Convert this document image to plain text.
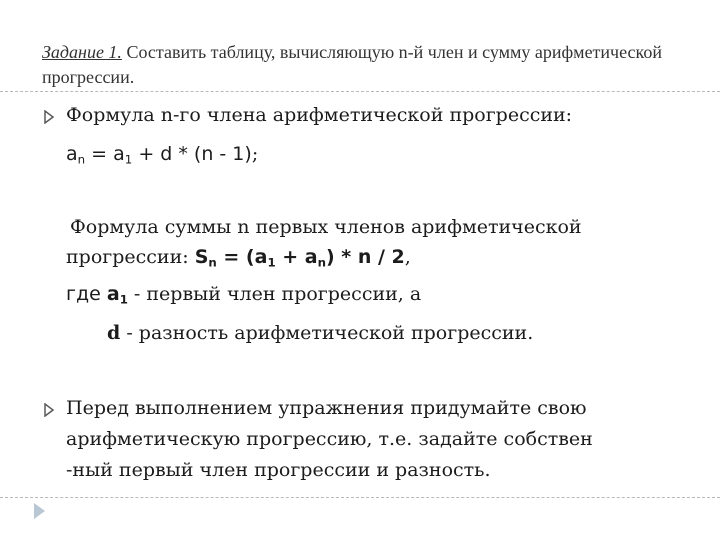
Задание 1. Составить таблицу, вычисляющую n-й член и сумму арифметической прогрессии.
Формула n-го члена арифметической прогрессии:
$a_n = a_1 + d * (n - 1)$;
Формула суммы n первых членов арифметической
прогрессии: $S_n = (a_1 + a_n) * n / 2$,
где $a_1$ - первый член прогрессии, а
d - разность арифметической прогрессии.
Перед выполнением упражнения придумайте свою
арифметическую прогрессию, т.е. задайте собствен
-ный первый член прогрессии и разность.
